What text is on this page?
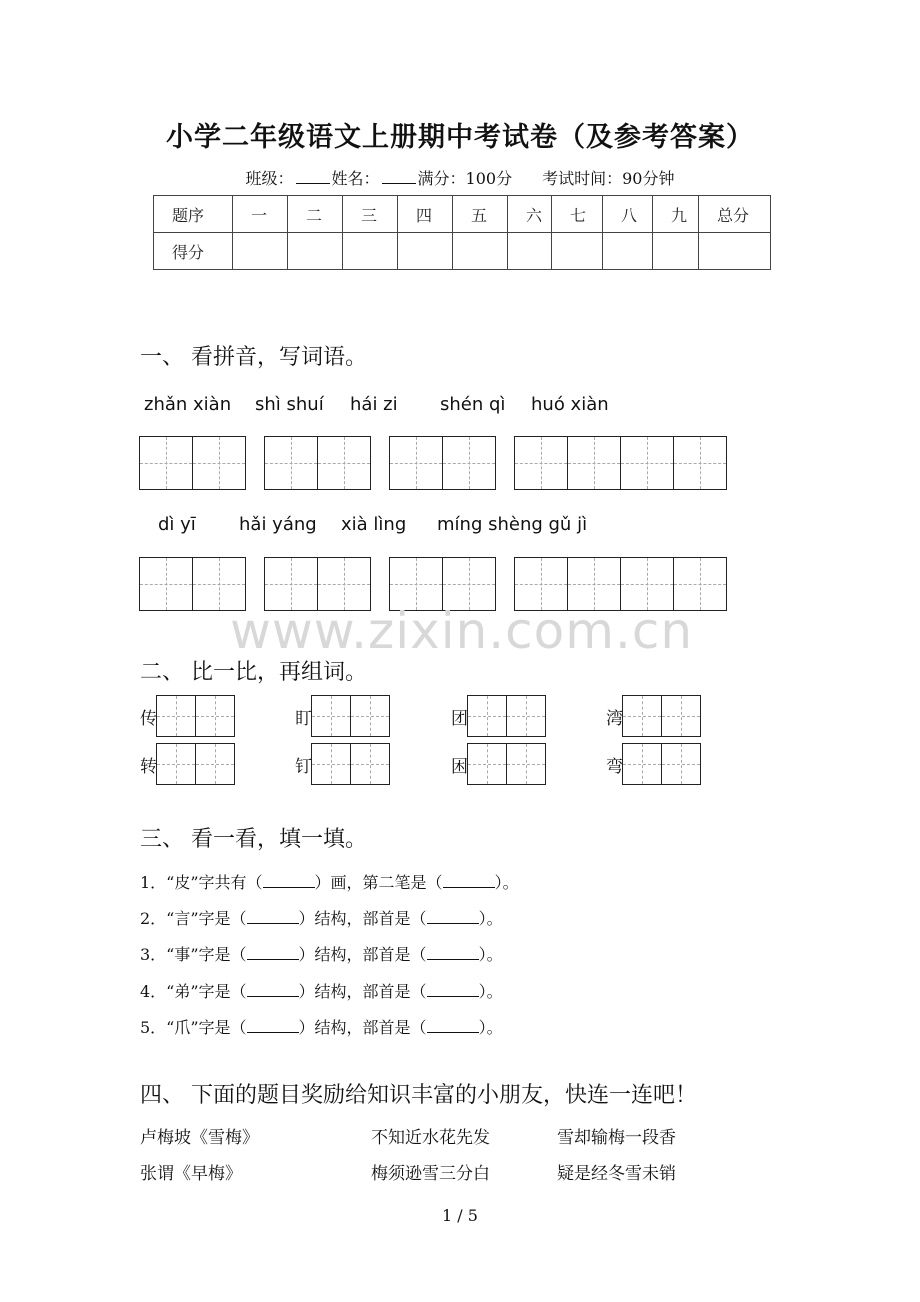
小学二年级语文上册期中考试卷（及参考答案）
班级： 姓名： 满分：100分 考试时间：90分钟
题序	一	二	三	四	五	六	七	八	九	总分
得分										
一、 看拼音，写词语。
zhǎn xiàn shì shuí hái zi shén qì huó xiàn
dì yī hǎi yáng xià lìng míng shèng gǔ jì
www.zixin.com.cn
二、 比一比，再组词。
传	盯	团	湾
转	钉	困	弯
三、 看一看，填一填。
1．“皮”字共有（	）画，第二笔是（	）。
2．“言”字是（	）结构，部首是（	）。
3．“事”字是（	）结构，部首是（	）。
4．“弟”字是（	）结构，部首是（	）。
5．“爪”字是（	）结构，部首是（	）。
四、 下面的题目奖励给知识丰富的小朋友，快连一连吧！
卢梅坡《雪梅》	不知近水花先发	雪却输梅一段香
张谓《早梅》	梅须逊雪三分白	疑是经冬雪未销
1 / 5
